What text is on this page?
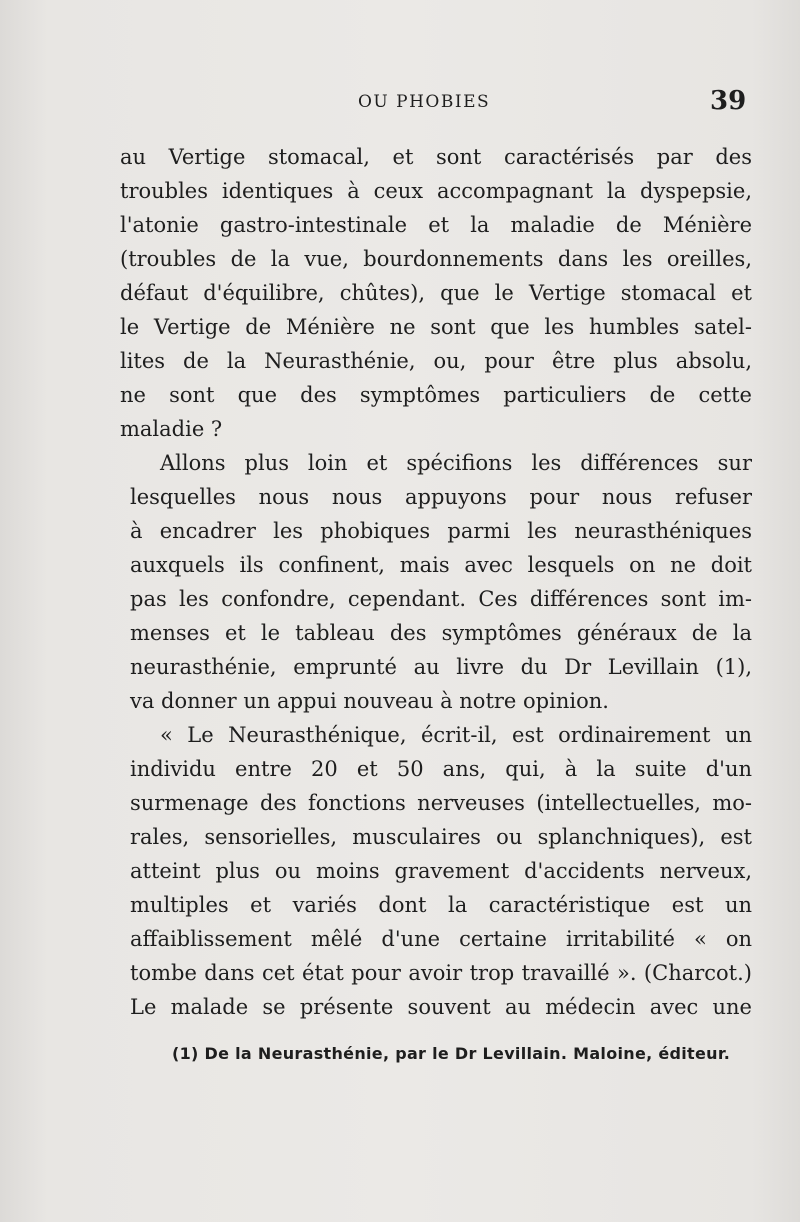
OU PHOBIES	39
au Vertige stomacal, et sont caractérisés par des
troubles identiques à ceux accompagnant la dyspepsie,
l'atonie gastro-intestinale et la maladie de Ménière
(troubles de la vue, bourdonnements dans les oreilles,
défaut d'équilibre, chûtes), que le Vertige stomacal et
le Vertige de Ménière ne sont que les humbles satel-
lites de la Neurasthénie, ou, pour être plus absolu,
ne sont que des symptômes particuliers de cette
maladie ?
Allons plus loin et spécifions les différences sur
lesquelles nous nous appuyons pour nous refuser
à encadrer les phobiques parmi les neurasthéniques
auxquels ils confinent, mais avec lesquels on ne doit
pas les confondre, cependant. Ces différences sont im-
menses et le tableau des symptômes généraux de la
neurasthénie, emprunté au livre du Dr Levillain (1),
va donner un appui nouveau à notre opinion.
« Le Neurasthénique, écrit-il, est ordinairement un
individu entre 20 et 50 ans, qui, à la suite d'un
surmenage des fonctions nerveuses (intellectuelles, mo-
rales, sensorielles, musculaires ou splanchniques), est
atteint plus ou moins gravement d'accidents nerveux,
multiples et variés dont la caractéristique est un
affaiblissement mêlé d'une certaine irritabilité « on
tombe dans cet état pour avoir trop travaillé ». (Charcot.)
Le malade se présente souvent au médecin avec une
(1) De la Neurasthénie, par le Dr Levillain. Maloine, éditeur.
